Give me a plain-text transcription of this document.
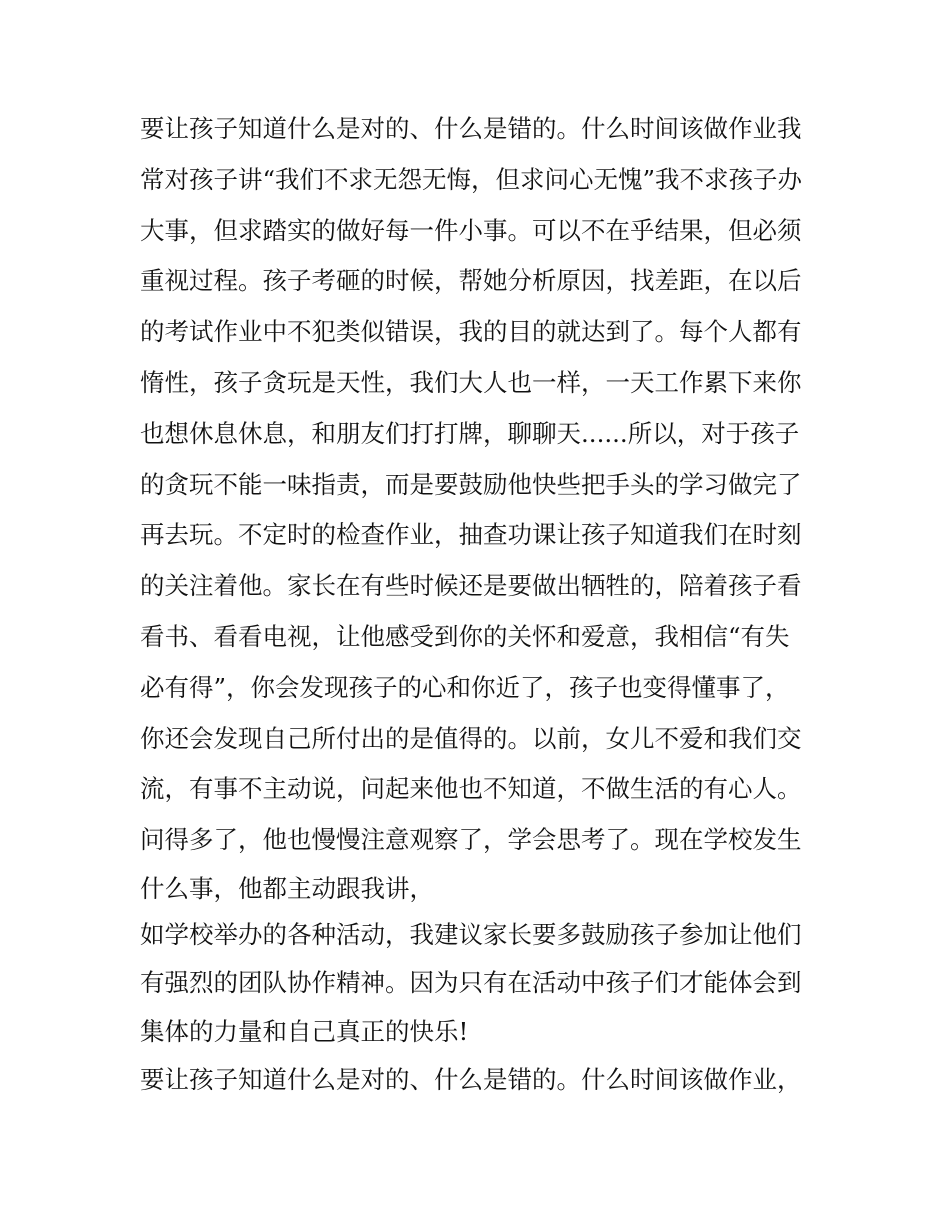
要让孩子知道什么是对的、什么是错的。什么时间该做作业我
常对孩子讲“我们不求无怨无悔，但求问心无愧”我不求孩子办
大事，但求踏实的做好每一件小事。可以不在乎结果，但必须
重视过程。孩子考砸的时候，帮她分析原因，找差距，在以后
的考试作业中不犯类似错误，我的目的就达到了。每个人都有
惰性，孩子贪玩是天性，我们大人也一样，一天工作累下来你
也想休息休息，和朋友们打打牌，聊聊天......所以，对于孩子
的贪玩不能一味指责，而是要鼓励他快些把手头的学习做完了
再去玩。不定时的检查作业，抽查功课让孩子知道我们在时刻
的关注着他。家长在有些时候还是要做出牺牲的，陪着孩子看
看书、看看电视，让他感受到你的关怀和爱意，我相信“有失
必有得”，你会发现孩子的心和你近了，孩子也变得懂事了，
你还会发现自己所付出的是值得的。以前，女儿不爱和我们交
流，有事不主动说，问起来他也不知道，不做生活的有心人。
问得多了，他也慢慢注意观察了，学会思考了。现在学校发生
什么事，他都主动跟我讲，
如学校举办的各种活动，我建议家长要多鼓励孩子参加让他们
有强烈的团队协作精神。因为只有在活动中孩子们才能体会到
集体的力量和自己真正的快乐!
要让孩子知道什么是对的、什么是错的。什么时间该做作业，
